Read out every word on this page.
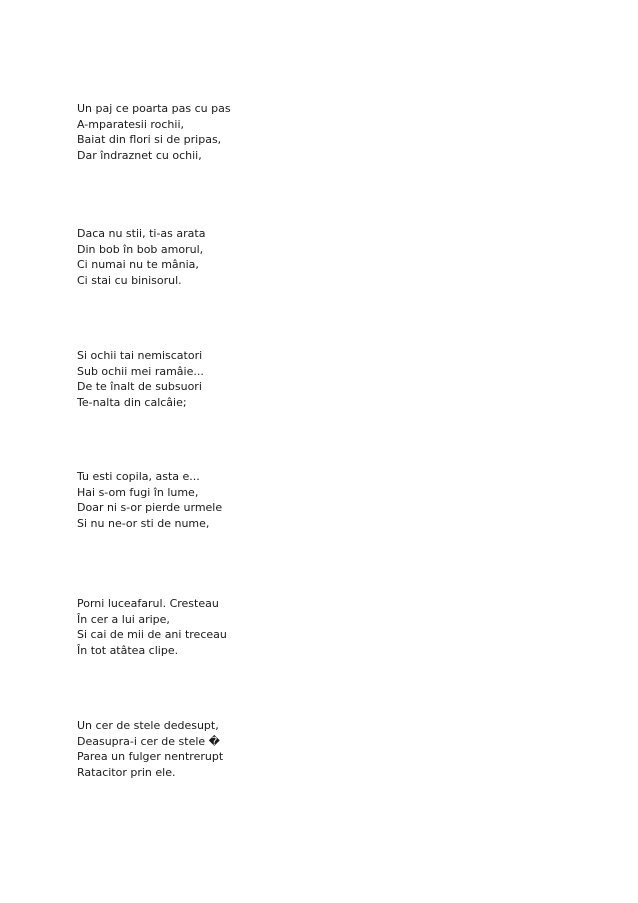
Un paj ce poarta pas cu pas
A-mparatesii rochii,
Baiat din flori si de pripas,
Dar îndraznet cu ochii,
Daca nu stii, ti-as arata
Din bob în bob amorul,
Ci numai nu te mânia,
Ci stai cu binisorul.
Si ochii tai nemiscatori
Sub ochii mei ramâie...
De te înalt de subsuori
Te-nalta din calcâie;
Tu esti copila, asta e...
Hai s-om fugi în lume,
Doar ni s-or pierde urmele
Si nu ne-or sti de nume,
Porni luceafarul. Cresteau
În cer a lui aripe,
Si cai de mii de ani treceau
În tot atâtea clipe.
Un cer de stele dedesupt,
Deasupra-i cer de stele �
Parea un fulger nentrerupt
Ratacitor prin ele.
